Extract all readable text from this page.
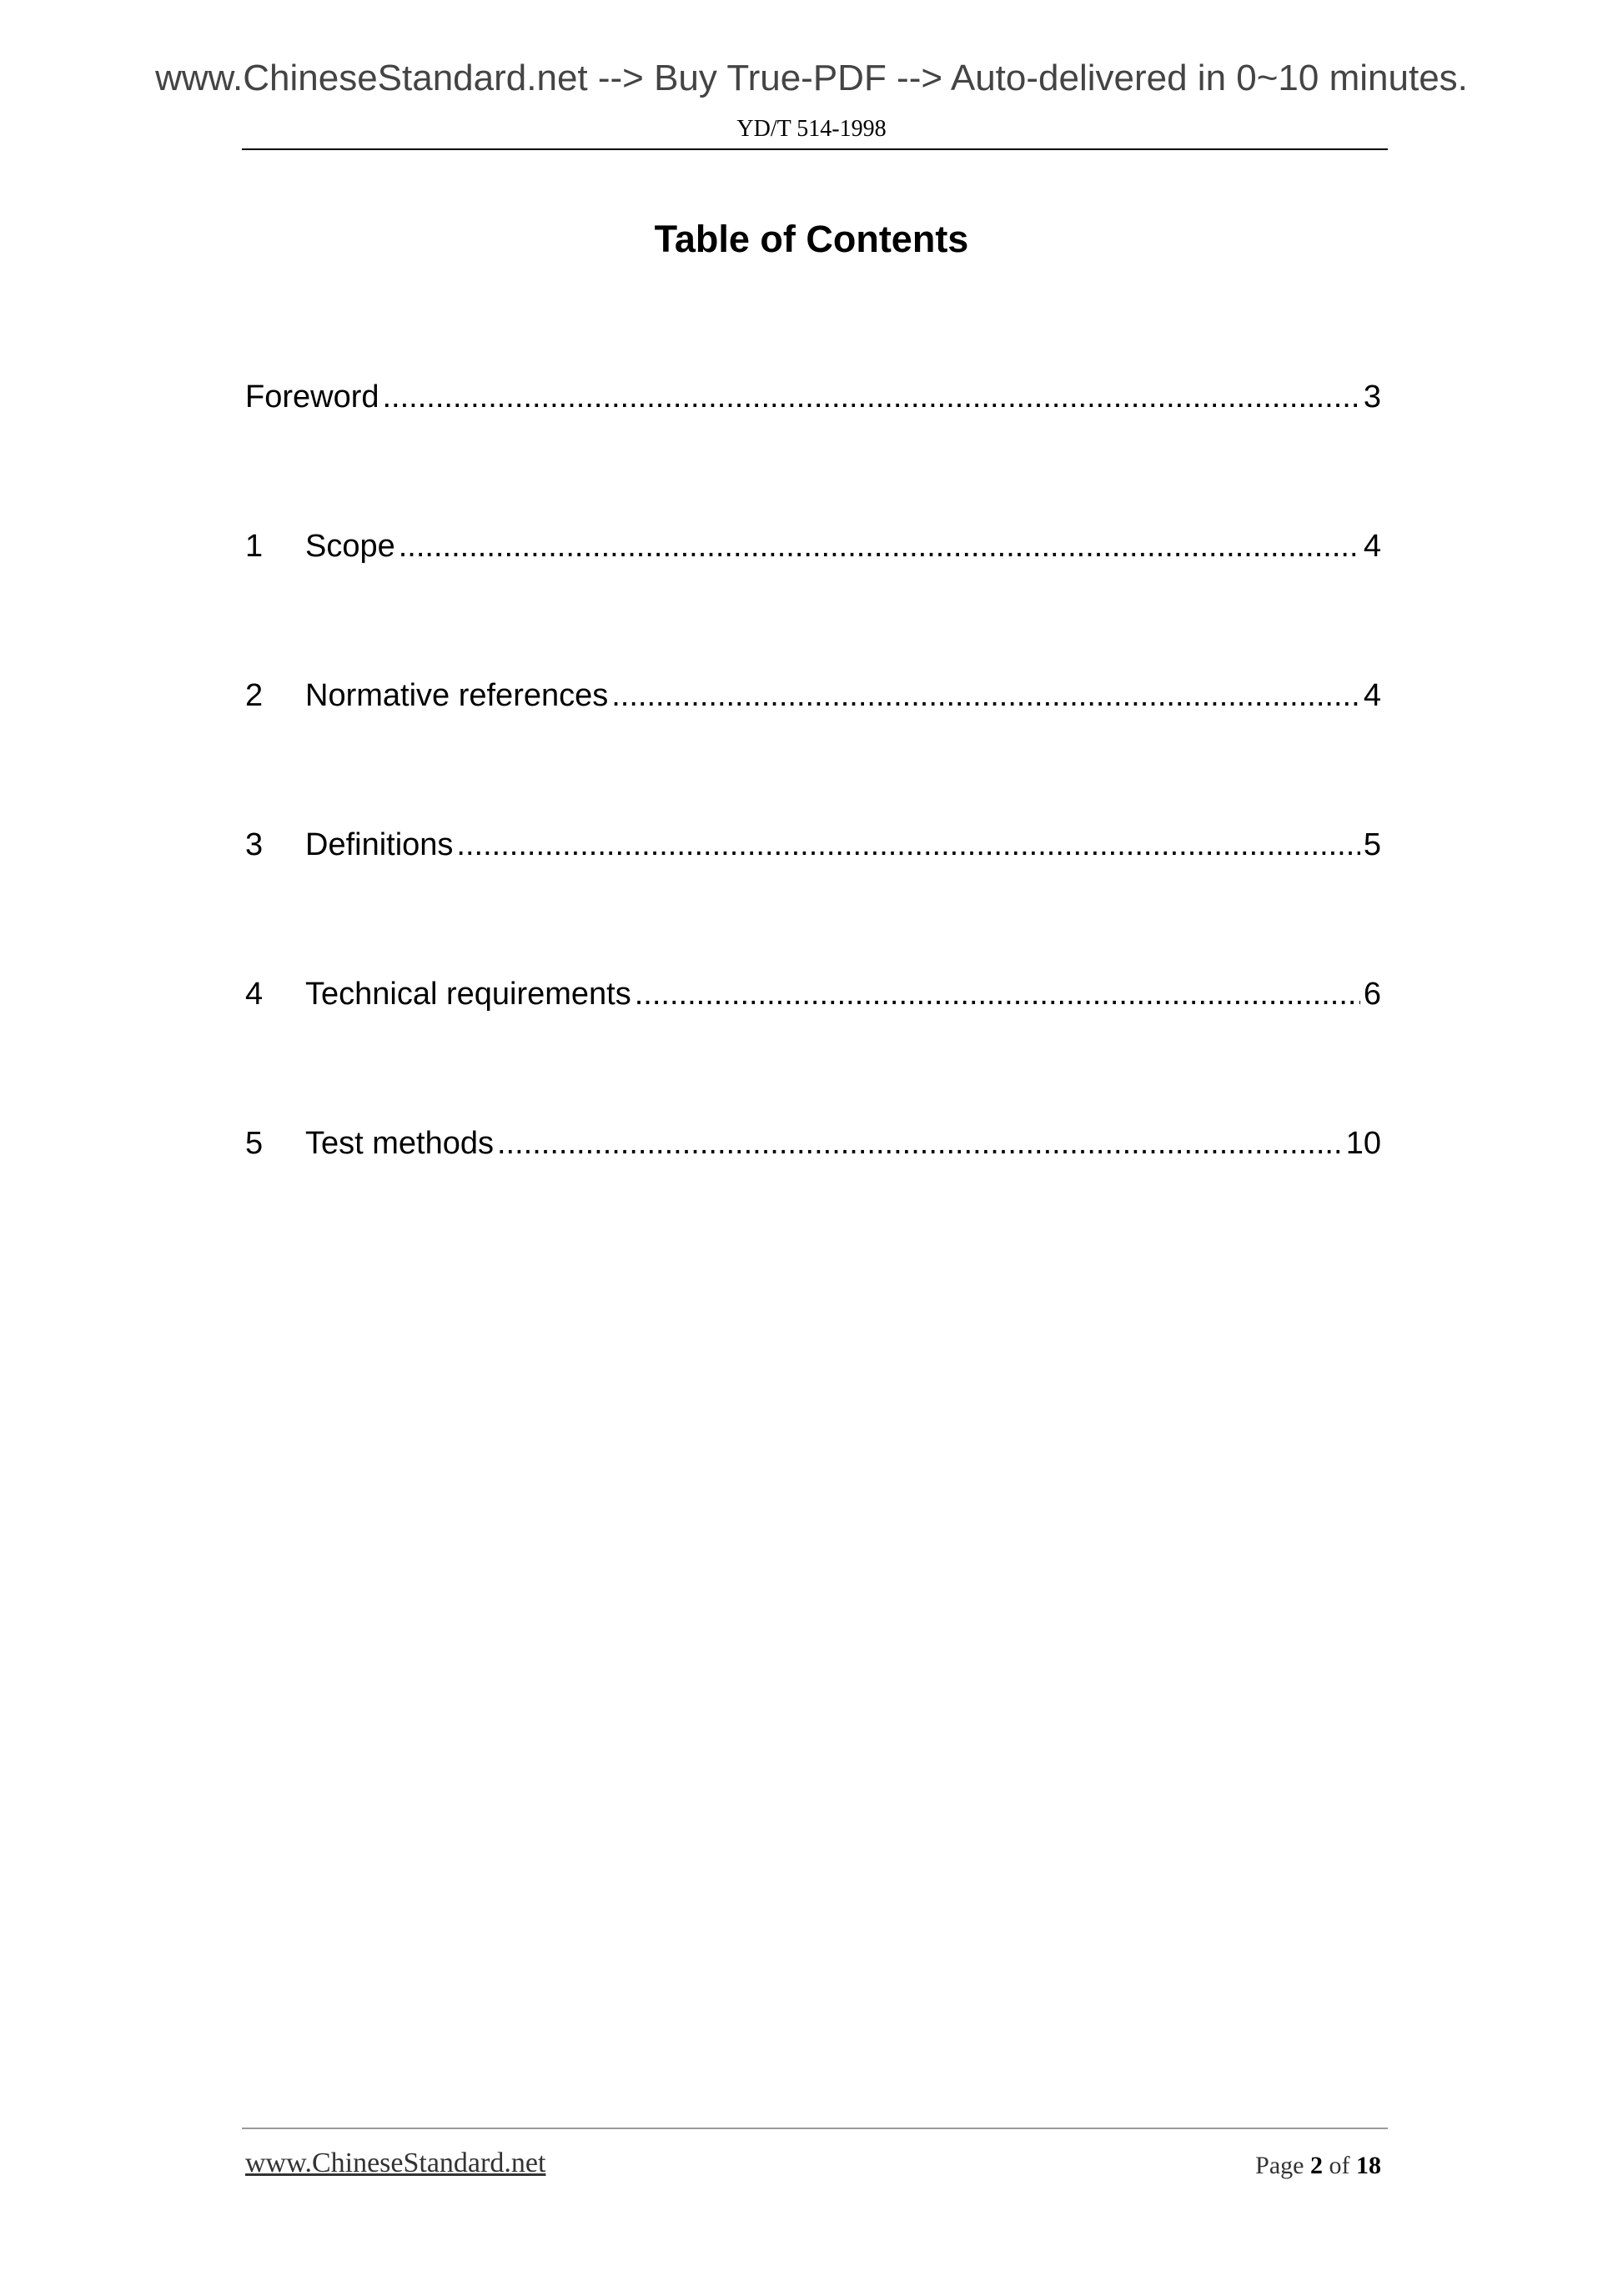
www.ChineseStandard.net --> Buy True-PDF --> Auto-delivered in 0~10 minutes.
YD/T 514-1998
Table of Contents
Foreword .....	3
1	Scope .....	4
2	Normative references .....	4
3	Definitions .....	5
4	Technical requirements .....	6
5	Test methods .....	10
www.ChineseStandard.net	Page 2 of 18
